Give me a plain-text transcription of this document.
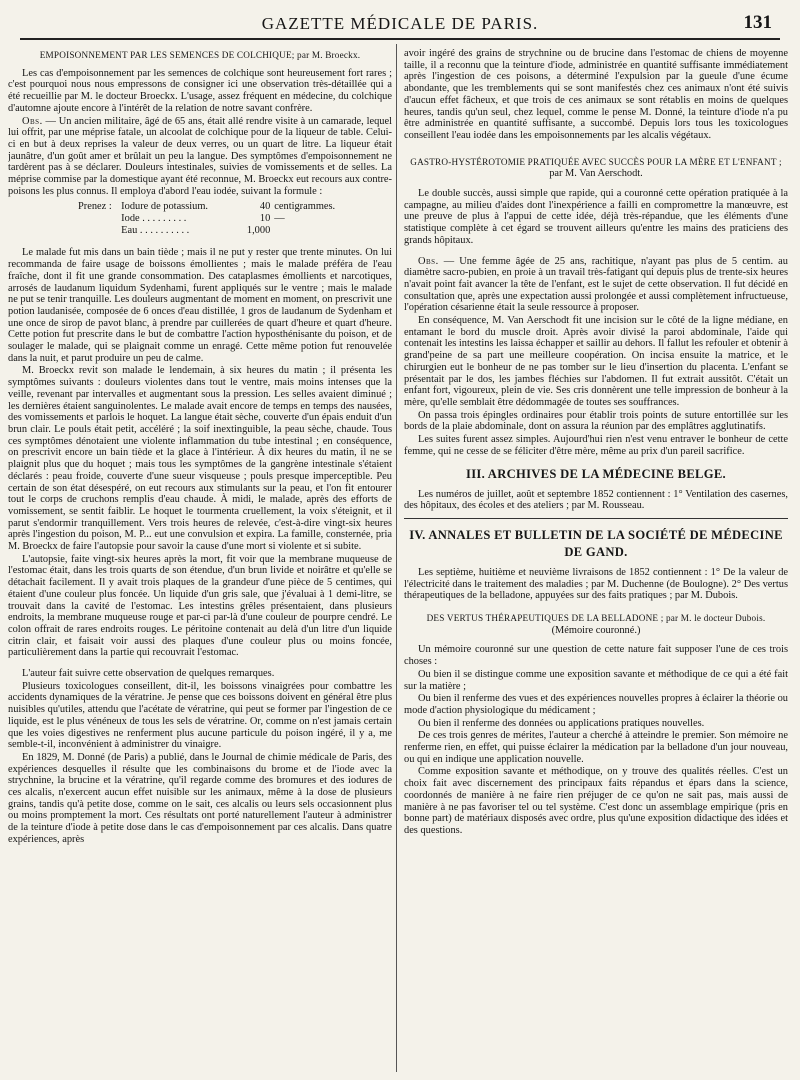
GAZETTE MÉDICALE DE PARIS.	131
EMPOISONNEMENT PAR LES SEMENCES DE COLCHIQUE; par M. Broeckx.

Les cas d'empoisonnement par les semences de colchique sont heureusement fort rares ; c'est pourquoi nous nous empressons de consigner ici une observation très-détaillée qui a été recueillie par M. le docteur Broeckx. L'usage, assez fréquent en médecine, du colchique d'automne ajoute encore à l'intérêt de la relation de notre savant confrère.

Obs. — Un ancien militaire, âgé de 65 ans, était allé rendre visite à un camarade, lequel lui offrit, par une méprise fatale, un alcoolat de colchique pour de la liqueur de table. Celui-ci en but à deux reprises la valeur de deux verres, ou un quart de litre. La liqueur était jaunâtre, d'un goût amer et brûlait un peu la langue. Des symptômes d'empoisonnement ne tardèrent pas à se déclarer. Douleurs intestinales, suivies de vomissements et de selles. La méprise commise par la domestique ayant été reconnue, M. Broeckx eut recours aux contre-poisons les plus connus. Il employa d'abord l'eau iodée, suivant la formule :

Prenez : Iodure de potassium.	40 centigrammes.
Iode . . . . . . . . .	10 —
Eau . . . . . . . . . .	1,000

Le malade fut mis dans un bain tiède ; mais il ne put y rester que trente minutes. On lui recommanda de faire usage de boissons émollientes ; mais le malade préféra de l'eau fraîche, dont il fit une grande consommation. Des cataplasmes émollients et narcotiques, arrosés de laudanum liquidum Sydenhami, furent appliqués sur le ventre ; mais le malade ne put se tenir tranquille. Les douleurs augmentant de moment en moment, on prescrivit une potion laudanisée, composée de 6 onces d'eau distillée, 1 gros de laudanum de Sydenham et une once de sirop de pavot blanc, à prendre par cuillerées de quart d'heure et quart d'heure. Cette potion fut prescrite dans le but de combattre l'action hyposthénisante du poison, et de soulager le malade, qui se plaignait comme un enragé. Cette même potion fut renouvelée dans la nuit, et parut produire un peu de calme.

M. Broeckx revit son malade le lendemain, à six heures du matin ; il présenta les symptômes suivants : douleurs violentes dans tout le ventre, mais moins intenses que la veille, revenant par intervalles et augmentant sous la pression. Les selles avaient diminué ; les dernières étaient sanguinolentes. Le malade avait encore de temps en temps des nausées, des vomissements et parlois le hoquet. La langue était sèche, couverte d'un épais enduit d'un brun clair. Le pouls était petit, accéléré ; la soif inextinguible, la peau sèche, chaude. Tous ces symptômes dénotaient une violente inflammation du tube intestinal ; en conséquence, on prescrivit encore un bain tiède et la glace à l'intérieur. À dix heures du matin, il ne se plaignit plus que du hoquet ; mais tous les symptômes de la gangrène intestinale s'étaient déclarés : peau froide, couverte d'une sueur visqueuse ; pouls presque imperceptible. Peu certain de son état désespéré, on eut recours aux stimulants sur la peau, et l'on fit entourer tout le corps de cruchons remplis d'eau chaude. À midi, le malade, après des efforts de vomissement, se sentit faiblir. Le hoquet le tourmenta cruellement, la voix s'éteignit, et il parut s'endormir tranquillement. Vers trois heures de relevée, c'est-à-dire vingt-six heures après l'ingestion du poison, M. P... eut une convulsion et expira. La famille, consternée, pria M. Broeckx de faire l'autopsie pour savoir la cause d'une mort si violente et si subite.

L'autopsie, faite vingt-six heures après la mort, fit voir que la membrane muqueuse de l'estomac était, dans les trois quarts de son étendue, d'un brun livide et noirâtre et qu'elle se détachait facilement. Il y avait trois plaques de la grandeur d'une pièce de 5 centimes, qui étaient d'une couleur plus foncée. Un liquide d'un gris sale, que j'évaluai à 1 demi-litre, se trouvait dans la cavité de l'estomac. Les intestins grêles présentaient, dans plusieurs endroits, la membrane muqueuse rouge et par-ci par-là d'une couleur de pourpre cendré. Le colon offrait de rares endroits rouges. Le péritoine contenait au delà d'un litre d'un liquide citrin clair, et faisait voir aussi des plaques d'une couleur plus ou moins foncée, particulièrement dans la partie qui recouvrait l'estomac.

L'auteur fait suivre cette observation de quelques remarques.

Plusieurs toxicologues conseillent, dit-il, les boissons vinaigrées pour combattre les accidents dynamiques de la vératrine. Je pense que ces boissons doivent en général être plus nuisibles qu'utiles, attendu que l'acétate de vératrine, qui peut se former par l'ingestion de ce liquide, est le plus vénéneux de tous les sels de vératrine. Or, comme on n'est jamais certain que les voies digestives ne renferment plus aucune particule du poison ingéré, il y a, me semble-t-il, inconvénient à administrer du vinaigre.

En 1829, M. Donné (de Paris) a publié, dans le Journal de chimie médicale de Paris, des expériences desquelles il résulte que les combinaisons du brome et de l'iode avec la strychnine, la brucine et la vératrine, qu'il regarde comme des bromures et des iodures de ces alcalis, n'exercent aucun effet nuisible sur les animaux, même à la dose de plusieurs grains, tandis qu'à petite dose, comme on le sait, ces alcalis ou leurs sels occasionnent plus ou moins promptement la mort. Ces résultats ont porté naturellement l'auteur à administrer de la teinture d'iode à petite dose dans le cas d'empoisonnement par ces alcalis. Dans quatre expériences, après

avoir ingéré des grains de strychnine ou de brucine dans l'estomac de chiens de moyenne taille, il a reconnu que la teinture d'iode, administrée en quantité suffisante immédiatement après l'ingestion de ces poisons, a déterminé l'expulsion par la gueule d'une écume abondante, que les tremblements qui se sont manifestés chez ces animaux n'ont été suivis d'aucun effet fâcheux, et que trois de ces animaux se sont rétablis en moins de quelques heures, tandis qu'un seul, chez lequel, comme le pense M. Donné, la teinture d'iode n'a pu être administrée en quantité suffisante, a succombé. Depuis lors tous les toxicologues conseillent l'eau iodée dans les empoisonnements par les alcalis végétaux.

GASTRO-HYSTÉROTOMIE PRATIQUÉE AVEC SUCCÈS POUR LA MÈRE ET L'ENFANT ;
par M. Van Aerschodt.

Le double succès, aussi simple que rapide, qui a couronné cette opération pratiquée à la campagne, au milieu d'aides dont l'inexpérience a failli en compromettre la manœuvre, est une preuve de plus à l'appui de cette idée, déjà très-répandue, que les éléments d'une statistique complète à cet égard se trouvent ailleurs qu'entre les mains des praticiens des grands hôpitaux.

Obs. — Une femme âgée de 25 ans, rachitique, n'ayant pas plus de 5 centim. au diamètre sacro-pubien, en proie à un travail très-fatigant qui depuis plus de trente-six heures n'avait point fait avancer la tête de l'enfant, est le sujet de cette observation. Il fut décidé en consultation que, après une expectation aussi prolongée et aussi complètement infructueuse, l'opération césarienne était la seule ressource à proposer.

En conséquence, M. Van Aerschodt fit une incision sur le côté de la ligne médiane, en entamant le bord du muscle droit. Après avoir divisé la paroi abdominale, l'aide qui contenait les intestins les laissa échapper et saillir au dehors. Il fallut les refouler et obtenir à grand'peine de sa part une meilleure coopération. On incisa ensuite la matrice, et le chirurgien eut le bonheur de ne pas tomber sur le lieu d'insertion du placenta. L'enfant se présentait par le dos, les jambes fléchies sur l'abdomen. Il fut extrait aussitôt. C'était un enfant fort, vigoureux, plein de vie. Ses cris donnèrent une telle impression de bonheur à la mère, qu'elle semblait être dédommagée de toutes ses souffrances.

On passa trois épingles ordinaires pour établir trois points de suture entortillée sur les bords de la plaie abdominale, dont on assura la réunion par des emplâtres agglutinatifs.

Les suites furent assez simples. Aujourd'hui rien n'est venu entraver le bonheur de cette femme, qui ne cesse de se féliciter d'être mère, même au prix d'un pareil sacrifice.

III. ARCHIVES DE LA MÉDECINE BELGE.

Les numéros de juillet, août et septembre 1852 contiennent : 1° Ventilation des casernes, des hôpitaux, des écoles et des ateliers ; par M. Rousseau.

IV. ANNALES ET BULLETIN DE LA SOCIÉTÉ DE MÉDECINE DE GAND.

Les septième, huitième et neuvième livraisons de 1852 contiennent : 1° De la valeur de l'électricité dans le traitement des maladies ; par M. Duchenne (de Boulogne). 2° Des vertus thérapeutiques de la belladone, appuyées sur des faits pratiques ; par M. Dubois.

DES VERTUS THÉRAPEUTIQUES DE LA BELLADONE ; par M. le docteur Dubois.
(Mémoire couronné.)

Un mémoire couronné sur une question de cette nature fait supposer l'une de ces trois choses :

Ou bien il se distingue comme une exposition savante et méthodique de ce qui a été fait sur la matière ;

Ou bien il renferme des vues et des expériences nouvelles propres à éclairer la théorie ou mode d'action physiologique du médicament ;

Ou bien il renferme des données ou applications pratiques nouvelles.

De ces trois genres de mérites, l'auteur a cherché à atteindre le premier. Son mémoire ne renferme rien, en effet, qui puisse éclairer la médication par la belladone d'un jour nouveau, ou qui en indique une application nouvelle.

Comme exposition savante et méthodique, on y trouve des qualités réelles. C'est un choix fait avec discernement des principaux faits répandus et épars dans la science, coordonnés de manière à ne faire rien préjuger de ce qu'on ne sait pas, mais aussi de manière à ne pas favoriser tel ou tel système. C'est donc un assemblage empirique (pris en bonne part) de matériaux disposés avec ordre, plus qu'une exposition didactique des idées et des questions.
